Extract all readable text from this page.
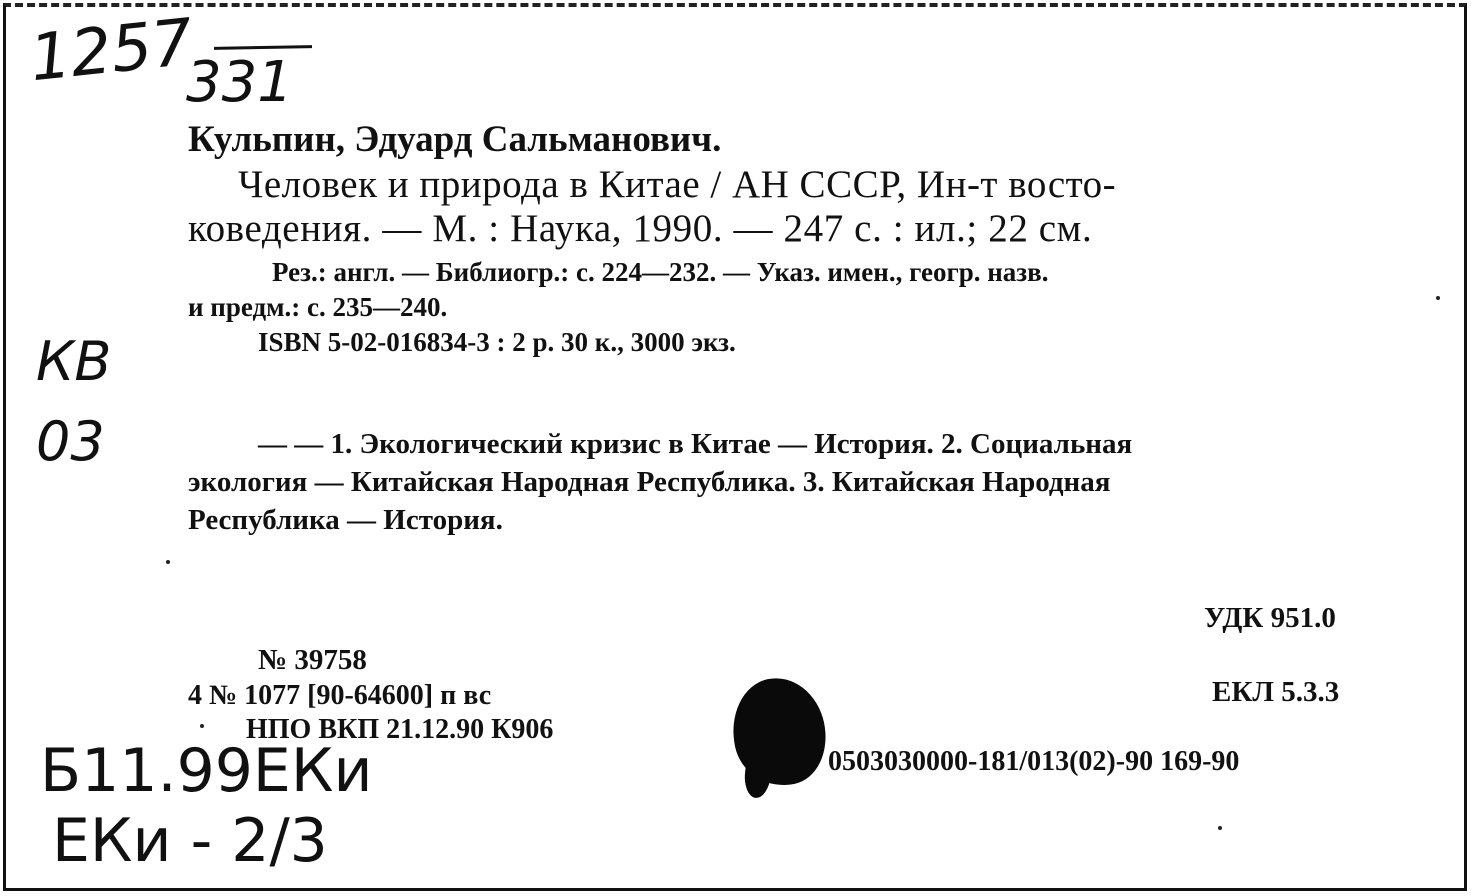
1257
331
КВ
03
Б11.99ЕКи
ЕКи - 2/3
Кульпин, Эдуард Сальманович.
Человек и природа в Китае / АН СССР, Ин-т восто-
коведения. — М. : Наука, 1990. — 247 с. : ил.; 22 см.
Рез.: англ. — Библиогр.: с. 224—232. — Указ. имен., геогр. назв.
и предм.: с. 235—240.
ISBN 5-02-016834-3 : 2 р. 30 к., 3000 экз.
— — 1. Экологический кризис в Китае — История. 2. Социальная
экология — Китайская Народная Республика. 3. Китайская Народная
Республика — История.
УДК 951.0
ЕКЛ 5.3.3
№ 39758
4 № 1077 [90-64600] п вс
НПО ВКП 21.12.90 К906
0503030000-181/013(02)-90 169-90
